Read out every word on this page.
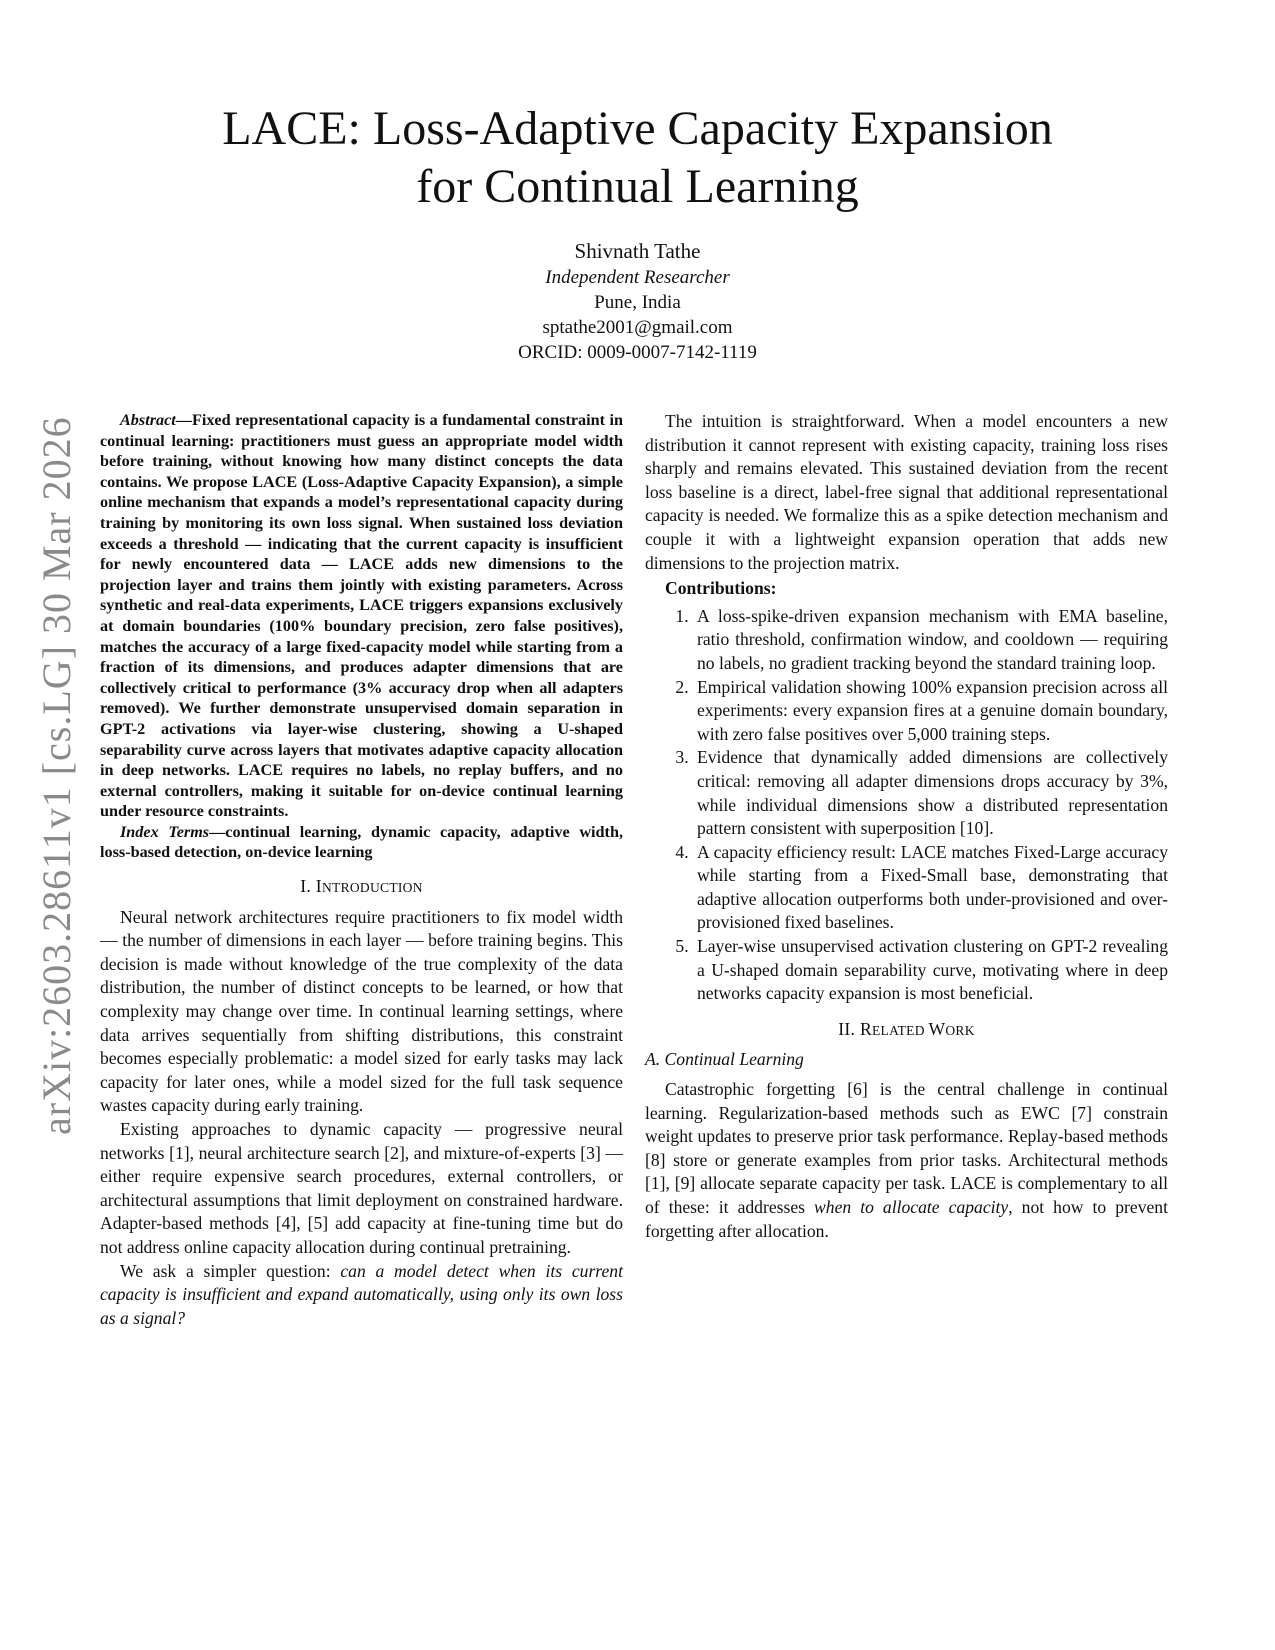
arXiv:2603.28611v1 [cs.LG] 30 Mar 2026
LACE: Loss-Adaptive Capacity Expansion
for Continual Learning
Shivnath Tathe
Independent Researcher
Pune, India
sptathe2001@gmail.com
ORCID: 0009-0007-7142-1119

Abstract—Fixed representational capacity is a fundamental constraint in continual learning: practitioners must guess an appropriate model width before training, without knowing how many distinct concepts the data contains. We propose LACE (Loss-Adaptive Capacity Expansion), a simple online mechanism that expands a model’s representational capacity during training by monitoring its own loss signal. When sustained loss deviation exceeds a threshold — indicating that the current capacity is insufficient for newly encountered data — LACE adds new dimensions to the projection layer and trains them jointly with existing parameters. Across synthetic and real-data experiments, LACE triggers expansions exclusively at domain boundaries (100% boundary precision, zero false positives), matches the accuracy of a large fixed-capacity model while starting from a fraction of its dimensions, and produces adapter dimensions that are collectively critical to performance (3% accuracy drop when all adapters removed). We further demonstrate unsupervised domain separation in GPT-2 activations via layer-wise clustering, showing a U-shaped separability curve across layers that motivates adaptive capacity allocation in deep networks. LACE requires no labels, no replay buffers, and no external controllers, making it suitable for on-device continual learning under resource constraints.

Index Terms—continual learning, dynamic capacity, adaptive width, loss-based detection, on-device learning

I. INTRODUCTION

Neural network architectures require practitioners to fix model width — the number of dimensions in each layer — before training begins. This decision is made without knowledge of the true complexity of the data distribution, the number of distinct concepts to be learned, or how that complexity may change over time. In continual learning settings, where data arrives sequentially from shifting distributions, this constraint becomes especially problematic: a model sized for early tasks may lack capacity for later ones, while a model sized for the full task sequence wastes capacity during early training.

Existing approaches to dynamic capacity — progressive neural networks [1], neural architecture search [2], and mixture-of-experts [3] — either require expensive search procedures, external controllers, or architectural assumptions that limit deployment on constrained hardware. Adapter-based methods [4], [5] add capacity at fine-tuning time but do not address online capacity allocation during continual pretraining.

We ask a simpler question: can a model detect when its current capacity is insufficient and expand automatically, using only its own loss as a signal?

The intuition is straightforward. When a model encounters a new distribution it cannot represent with existing capacity, training loss rises sharply and remains elevated. This sustained deviation from the recent loss baseline is a direct, label-free signal that additional representational capacity is needed. We formalize this as a spike detection mechanism and couple it with a lightweight expansion operation that adds new dimensions to the projection matrix.

Contributions:

1. A loss-spike-driven expansion mechanism with EMA baseline, ratio threshold, confirmation window, and cooldown — requiring no labels, no gradient tracking beyond the standard training loop.
2. Empirical validation showing 100% expansion precision across all experiments: every expansion fires at a genuine domain boundary, with zero false positives over 5,000 training steps.
3. Evidence that dynamically added dimensions are collectively critical: removing all adapter dimensions drops accuracy by 3%, while individual dimensions show a distributed representation pattern consistent with superposition [10].
4. A capacity efficiency result: LACE matches Fixed-Large accuracy while starting from a Fixed-Small base, demonstrating that adaptive allocation outperforms both under-provisioned and over-provisioned fixed baselines.
5. Layer-wise unsupervised activation clustering on GPT-2 revealing a U-shaped domain separability curve, motivating where in deep networks capacity expansion is most beneficial.

II. RELATED WORK

A. Continual Learning

Catastrophic forgetting [6] is the central challenge in continual learning. Regularization-based methods such as EWC [7] constrain weight updates to preserve prior task performance. Replay-based methods [8] store or generate examples from prior tasks. Architectural methods [1], [9] allocate separate capacity per task. LACE is complementary to all of these: it addresses when to allocate capacity, not how to prevent forgetting after allocation.
